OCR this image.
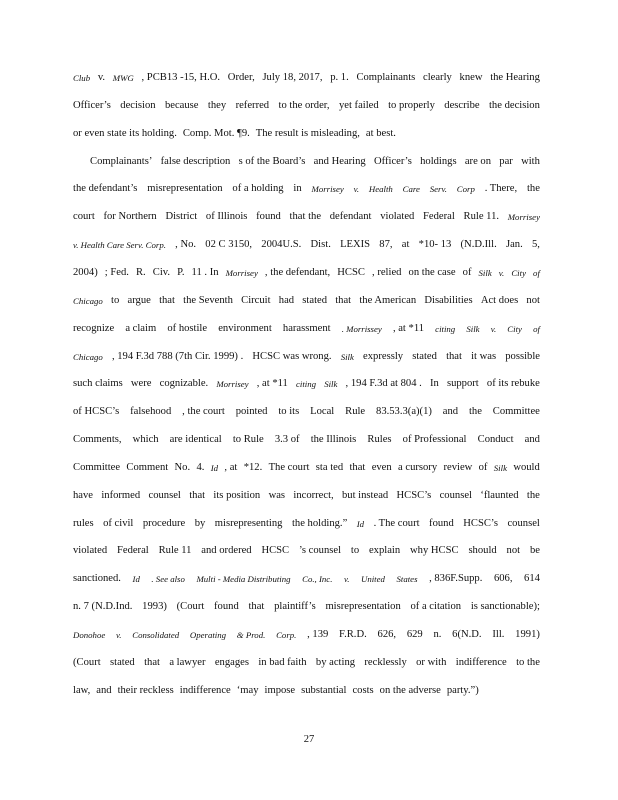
Club v. MWG , PCB13 -15, H.O. Order, July 18, 2017, p. 1. Complainants clearly knew the Hearing
Officer’s decision because they referred to the order, yet failed to properly describe the decision
or even state its holding. Comp. Mot. ¶9. The result is misleading, at best.
Complainants’ false description s of the Board’s and Hearing Officer’s holdings are on par with
the defendant’s misrepresentation of a holding in Morrisey v. Health Care Serv. Corp . There, the
court for Northern District of Illinois found that the defendant violated Federal Rule 11. Morrisey
v. Health Care Serv. Corp. , No. 02 C 3150, 2004U.S. Dist. LEXIS 87, at *10- 13 (N.D.Ill. Jan. 5,
2004) ; Fed. R. Civ. P. 11 . In Morrisey , the defendant, HCSC , relied on the case of Silk v. City of
Chicago to argue that the Seventh Circuit had stated that the American Disabilities Act does not
recognize a claim of hostile environment harassment . Morrissey , at *11 citing Silk v. City of
Chicago , 194 F.3d 788 (7th Cir. 1999) . HCSC was wrong. Silk expressly stated that it was possible
such claims were cognizable. Morrisey , at *11 citing Silk , 194 F.3d at 804 . In support of its rebuke
of HCSC’s falsehood , the court pointed to its Local Rule 83.53.3(a)(1) and the Committee
Comments, which are identical to Rule 3.3 of the Illinois Rules of Professional Conduct and
Committee Comment No. 4. Id , at *12. The court sta ted that even a cursory review of Silk would
have informed counsel that its position was incorrect, but instead HCSC’s counsel ‘flaunted the
rules of civil procedure by misrepresenting the holding.” Id . The court found HCSC’s counsel
violated Federal Rule 11 and ordered HCSC ’s counsel to explain why HCSC should not be
sanctioned. Id . See also Multi - Media Distributing Co., Inc. v. United States , 836F.Supp. 606, 614
n. 7 (N.D.Ind. 1993) (Court found that plaintiff’s misrepresentation of a citation is sanctionable);
Donohoe v. Consolidated Operating & Prod. Corp. , 139 F.R.D. 626, 629 n. 6(N.D. Ill. 1991)
(Court stated that a lawyer engages in bad faith by acting recklessly or with indifference to the
law, and their reckless indifference ‘may impose substantial costs on the adverse party.”)
27
